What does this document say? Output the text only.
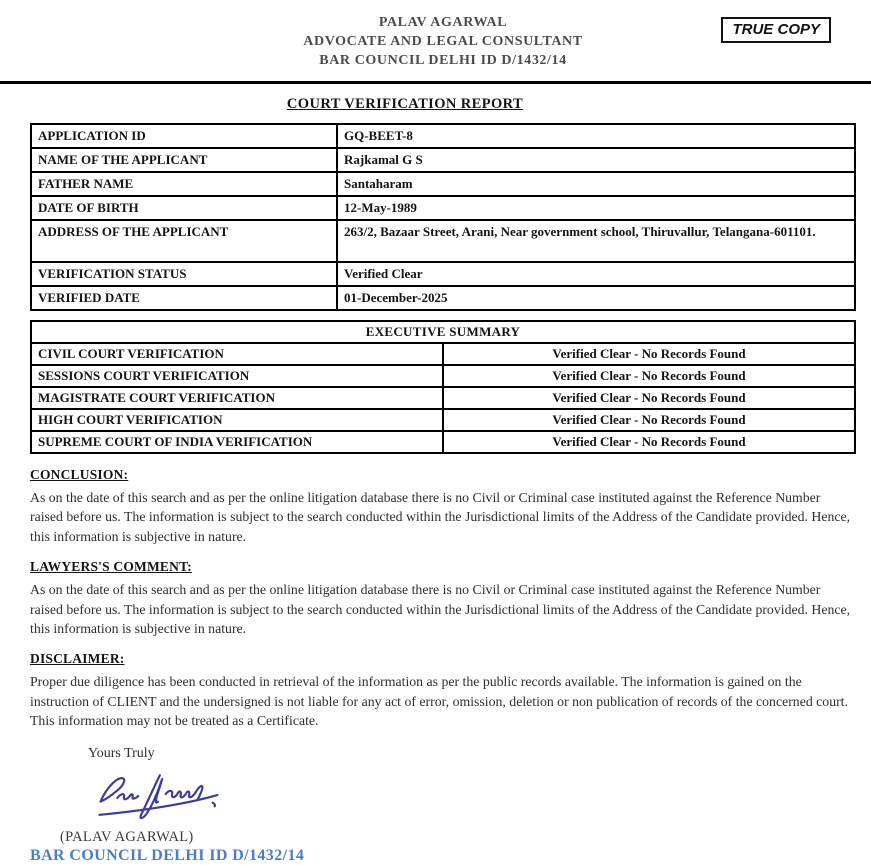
PALAV AGARWAL
ADVOCATE AND LEGAL CONSULTANT
BAR COUNCIL DELHI ID D/1432/14
TRUE COPY
COURT VERIFICATION REPORT
APPLICATION ID	GQ-BEET-8
NAME OF THE APPLICANT	Rajkamal G S
FATHER NAME	Santaharam
DATE OF BIRTH	12-May-1989
ADDRESS OF THE APPLICANT	263/2, Bazaar Street, Arani, Near government school, Thiruvallur, Telangana-601101.
VERIFICATION STATUS	Verified Clear
VERIFIED DATE	01-December-2025
EXECUTIVE SUMMARY	
CIVIL COURT VERIFICATION	Verified Clear - No Records Found
SESSIONS COURT VERIFICATION	Verified Clear - No Records Found
MAGISTRATE COURT VERIFICATION	Verified Clear - No Records Found
HIGH COURT VERIFICATION	Verified Clear - No Records Found
SUPREME COURT OF INDIA VERIFICATION	Verified Clear - No Records Found
CONCLUSION:

As on the date of this search and as per the online litigation database there is no Civil or Criminal case instituted against the Reference Number raised before us. The information is subject to the search conducted within the Jurisdictional limits of the Address of the Candidate provided. Hence, this information is subjective in nature.

LAWYERS'S COMMENT:

As on the date of this search and as per the online litigation database there is no Civil or Criminal case instituted against the Reference Number raised before us. The information is subject to the search conducted within the Jurisdictional limits of the Address of the Candidate provided. Hence, this information is subjective in nature.

DISCLAIMER:

Proper due diligence has been conducted in retrieval of the information as per the public records available. The information is gained on the instruction of CLIENT and the undersigned is not liable for any act of error, omission, deletion or non publication of records of the concerned court. This information may not be treated as a Certificate.

Yours Truly
(PALAV AGARWAL)
BAR COUNCIL DELHI ID D/1432/14
